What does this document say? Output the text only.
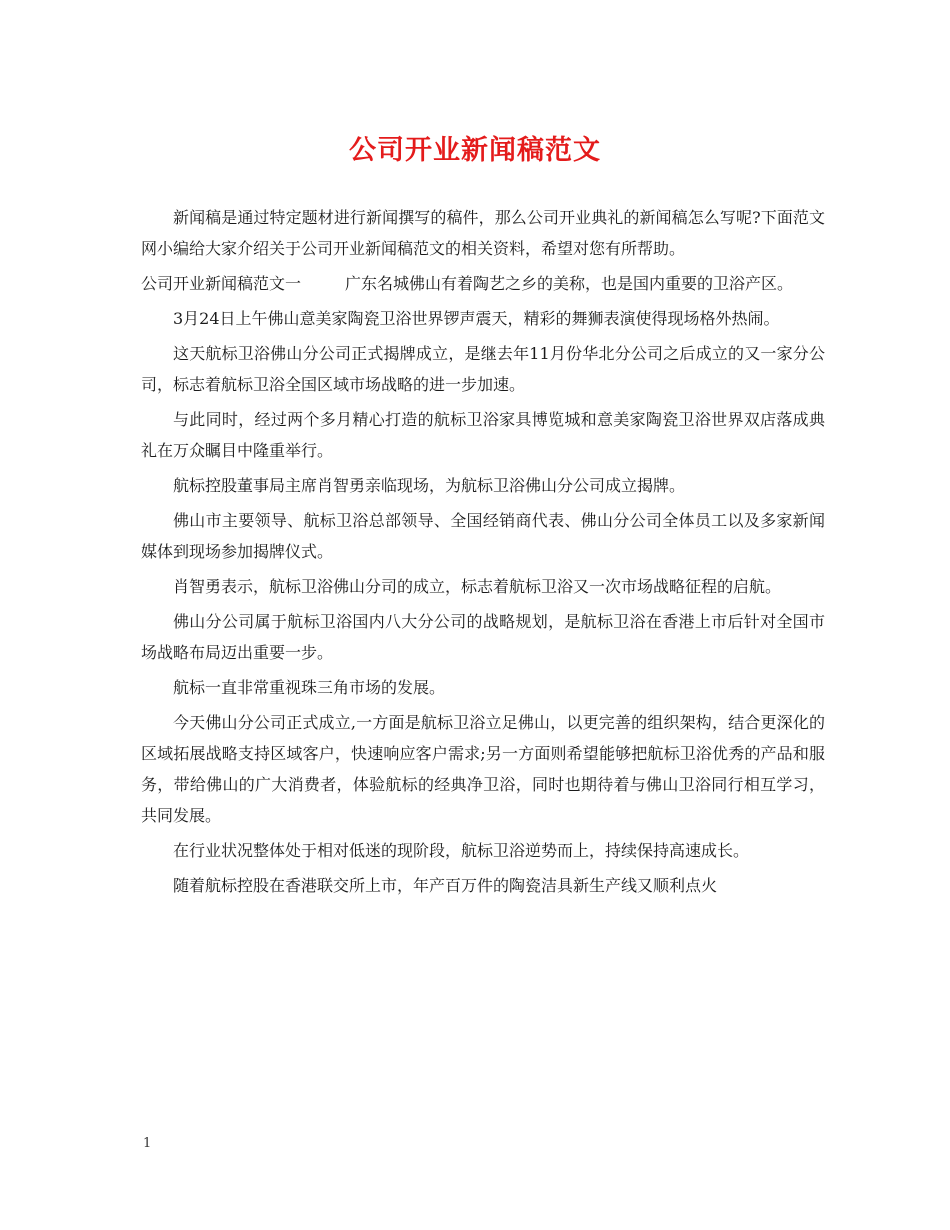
公司开业新闻稿范文

新闻稿是通过特定题材进行新闻撰写的稿件，那么公司开业典礼的新闻稿怎么写呢?下面范文网小编给大家介绍关于公司开业新闻稿范文的相关资料，希望对您有所帮助。

公司开业新闻稿范文一	广东名城佛山有着陶艺之乡的美称，也是国内重要的卫浴产区。

3月24日上午佛山意美家陶瓷卫浴世界锣声震天，精彩的舞狮表演使得现场格外热闹。

这天航标卫浴佛山分公司正式揭牌成立，是继去年11月份华北分公司之后成立的又一家分公司，标志着航标卫浴全国区域市场战略的进一步加速。

与此同时，经过两个多月精心打造的航标卫浴家具博览城和意美家陶瓷卫浴世界双店落成典礼在万众瞩目中隆重举行。

航标控股董事局主席肖智勇亲临现场，为航标卫浴佛山分公司成立揭牌。

佛山市主要领导、航标卫浴总部领导、全国经销商代表、佛山分公司全体员工以及多家新闻媒体到现场参加揭牌仪式。

肖智勇表示，航标卫浴佛山分司的成立，标志着航标卫浴又一次市场战略征程的启航。

佛山分公司属于航标卫浴国内八大分公司的战略规划，是航标卫浴在香港上市后针对全国市场战略布局迈出重要一步。

航标一直非常重视珠三角市场的发展。

今天佛山分公司正式成立,一方面是航标卫浴立足佛山，以更完善的组织架构，结合更深化的区域拓展战略支持区域客户，快速响应客户需求;另一方面则希望能够把航标卫浴优秀的产品和服务，带给佛山的广大消费者，体验航标的经典净卫浴，同时也期待着与佛山卫浴同行相互学习，共同发展。

在行业状况整体处于相对低迷的现阶段，航标卫浴逆势而上，持续保持高速成长。

随着航标控股在香港联交所上市，年产百万件的陶瓷洁具新生产线又顺利点火

1
